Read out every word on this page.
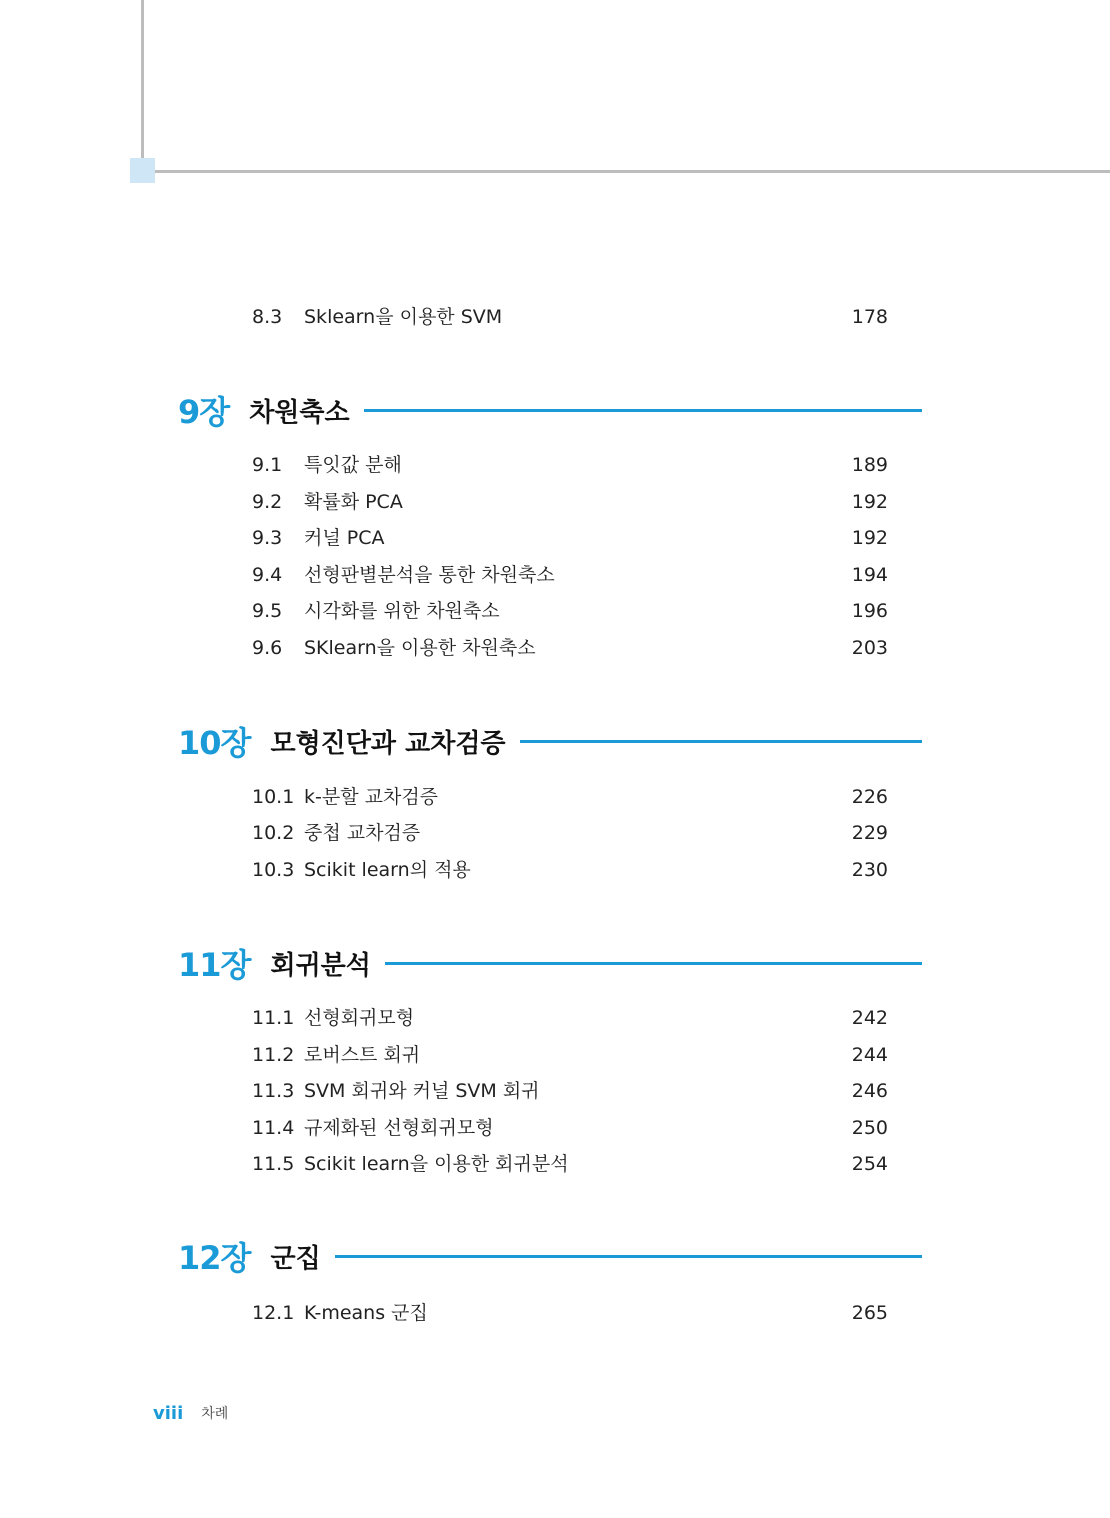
8.3 Sklearn을 이용한 SVM	178
9장 차원축소
9.1 특잇값 분해	189
9.2 확률화 PCA	192
9.3 커널 PCA	192
9.4 선형판별분석을 통한 차원축소	194
9.5 시각화를 위한 차원축소	196
9.6 SKlearn을 이용한 차원축소	203
10장 모형진단과 교차검증
10.1 k-분할 교차검증	226
10.2 중첩 교차검증	229
10.3 Scikit learn의 적용	230
11장 회귀분석
11.1 선형회귀모형	242
11.2 로버스트 회귀	244
11.3 SVM 회귀와 커널 SVM 회귀	246
11.4 규제화된 선형회귀모형	250
11.5 Scikit learn을 이용한 회귀분석	254
12장 군집
12.1 K-means 군집	265
viii 차례
